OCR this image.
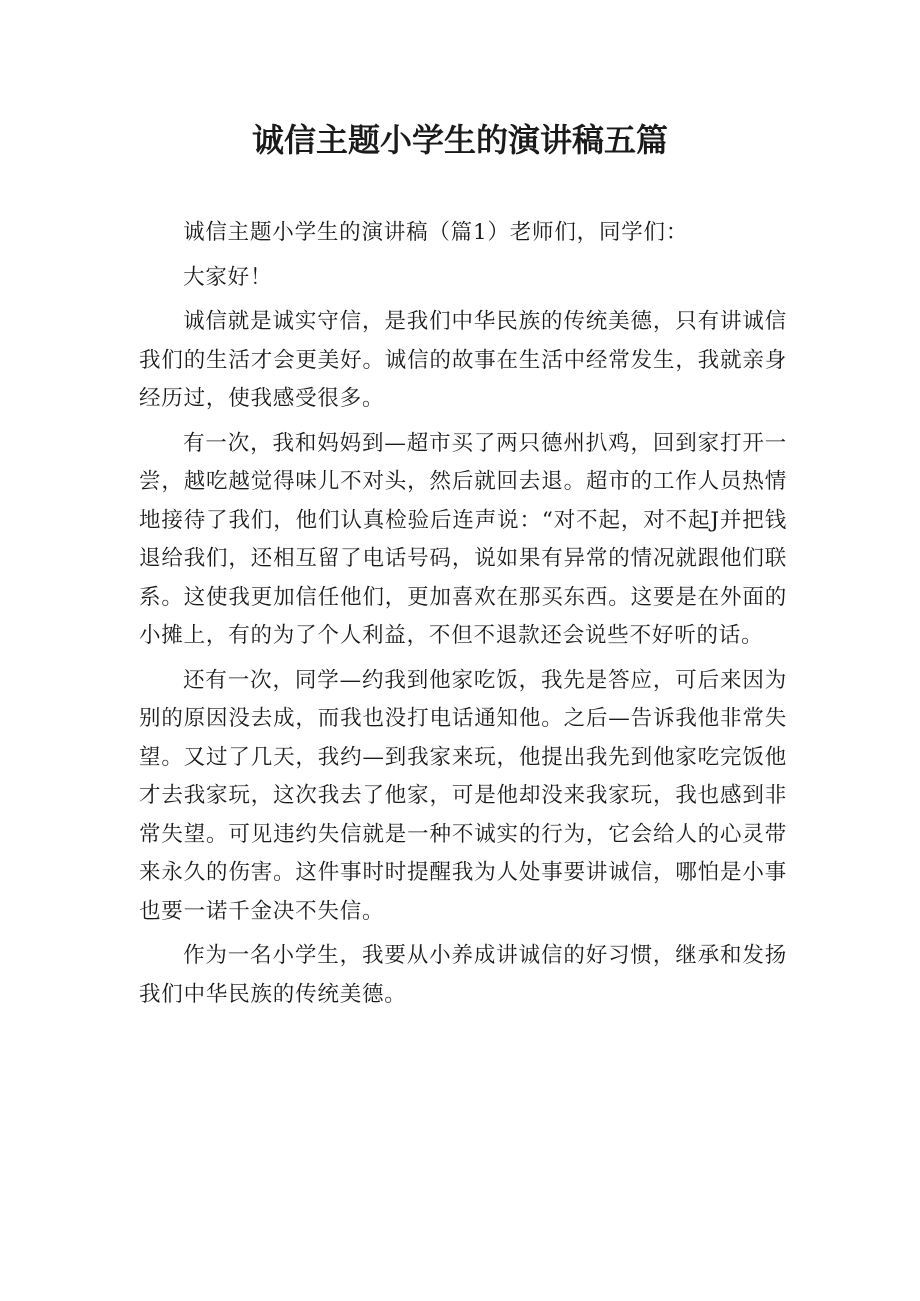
诚信主题小学生的演讲稿五篇

诚信主题小学生的演讲稿（篇1）老师们，同学们：

大家好！

诚信就是诚实守信，是我们中华民族的传统美德，只有讲诚信我们的生活才会更美好。诚信的故事在生活中经常发生，我就亲身经历过，使我感受很多。

有一次，我和妈妈到—超市买了两只德州扒鸡，回到家打开一尝，越吃越觉得味儿不对头，然后就回去退。超市的工作人员热情地接待了我们，他们认真检验后连声说：“对不起，对不起J并把钱退给我们，还相互留了电话号码，说如果有异常的情况就跟他们联系。这使我更加信任他们，更加喜欢在那买东西。这要是在外面的小摊上，有的为了个人利益，不但不退款还会说些不好听的话。

还有一次，同学—约我到他家吃饭，我先是答应，可后来因为别的原因没去成，而我也没打电话通知他。之后—告诉我他非常失望。又过了几天，我约—到我家来玩，他提出我先到他家吃完饭他才去我家玩，这次我去了他家，可是他却没来我家玩，我也感到非常失望。可见违约失信就是一种不诚实的行为，它会给人的心灵带来永久的伤害。这件事时时提醒我为人处事要讲诚信，哪怕是小事也要一诺千金决不失信。

作为一名小学生，我要从小养成讲诚信的好习惯，继承和发扬我们中华民族的传统美德。
